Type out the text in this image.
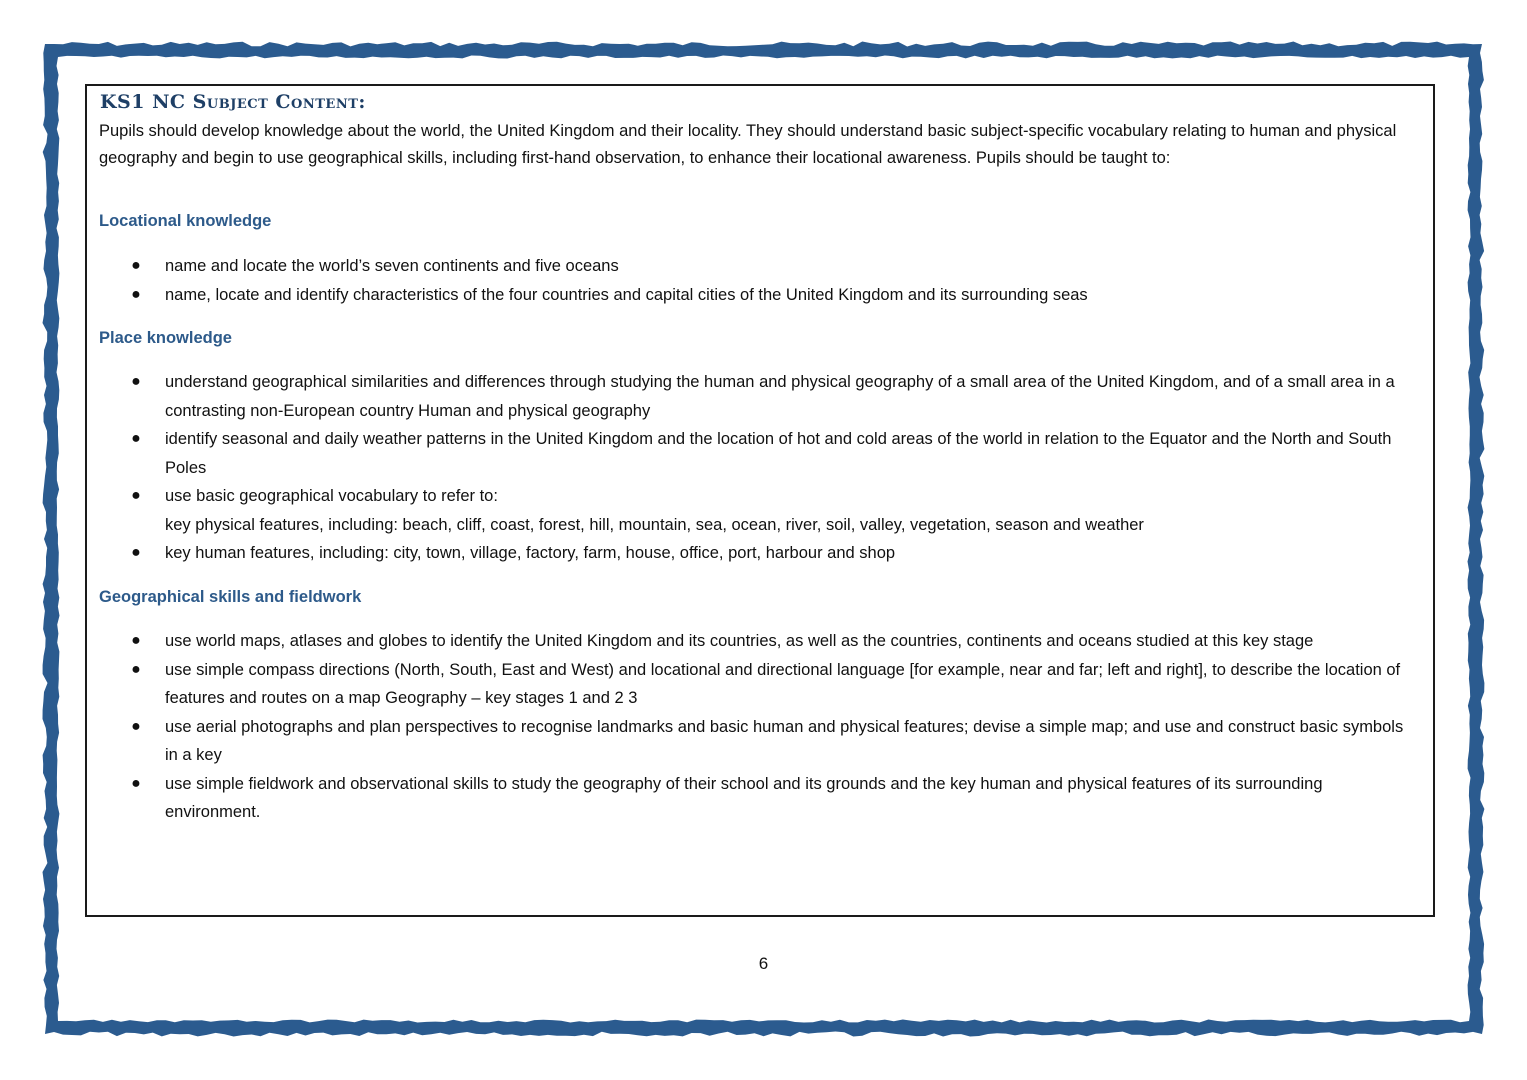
KS1 NC Subject Content:
Pupils should develop knowledge about the world, the United Kingdom and their locality. They should understand basic subject-specific vocabulary relating to human and physical geography and begin to use geographical skills, including first-hand observation, to enhance their locational awareness. Pupils should be taught to:
Locational knowledge
● name and locate the world’s seven continents and five oceans
● name, locate and identify characteristics of the four countries and capital cities of the United Kingdom and its surrounding seas
Place knowledge
● understand geographical similarities and differences through studying the human and physical geography of a small area of the United Kingdom, and of a small area in a contrasting non-European country Human and physical geography
● identify seasonal and daily weather patterns in the United Kingdom and the location of hot and cold areas of the world in relation to the Equator and the North and South Poles
● use basic geographical vocabulary to refer to:
key physical features, including: beach, cliff, coast, forest, hill, mountain, sea, ocean, river, soil, valley, vegetation, season and weather
● key human features, including: city, town, village, factory, farm, house, office, port, harbour and shop
Geographical skills and fieldwork
● use world maps, atlases and globes to identify the United Kingdom and its countries, as well as the countries, continents and oceans studied at this key stage
● use simple compass directions (North, South, East and West) and locational and directional language [for example, near and far; left and right], to describe the location of features and routes on a map Geography – key stages 1 and 2 3
● use aerial photographs and plan perspectives to recognise landmarks and basic human and physical features; devise a simple map; and use and construct basic symbols in a key
● use simple fieldwork and observational skills to study the geography of their school and its grounds and the key human and physical features of its surrounding environment.
6
